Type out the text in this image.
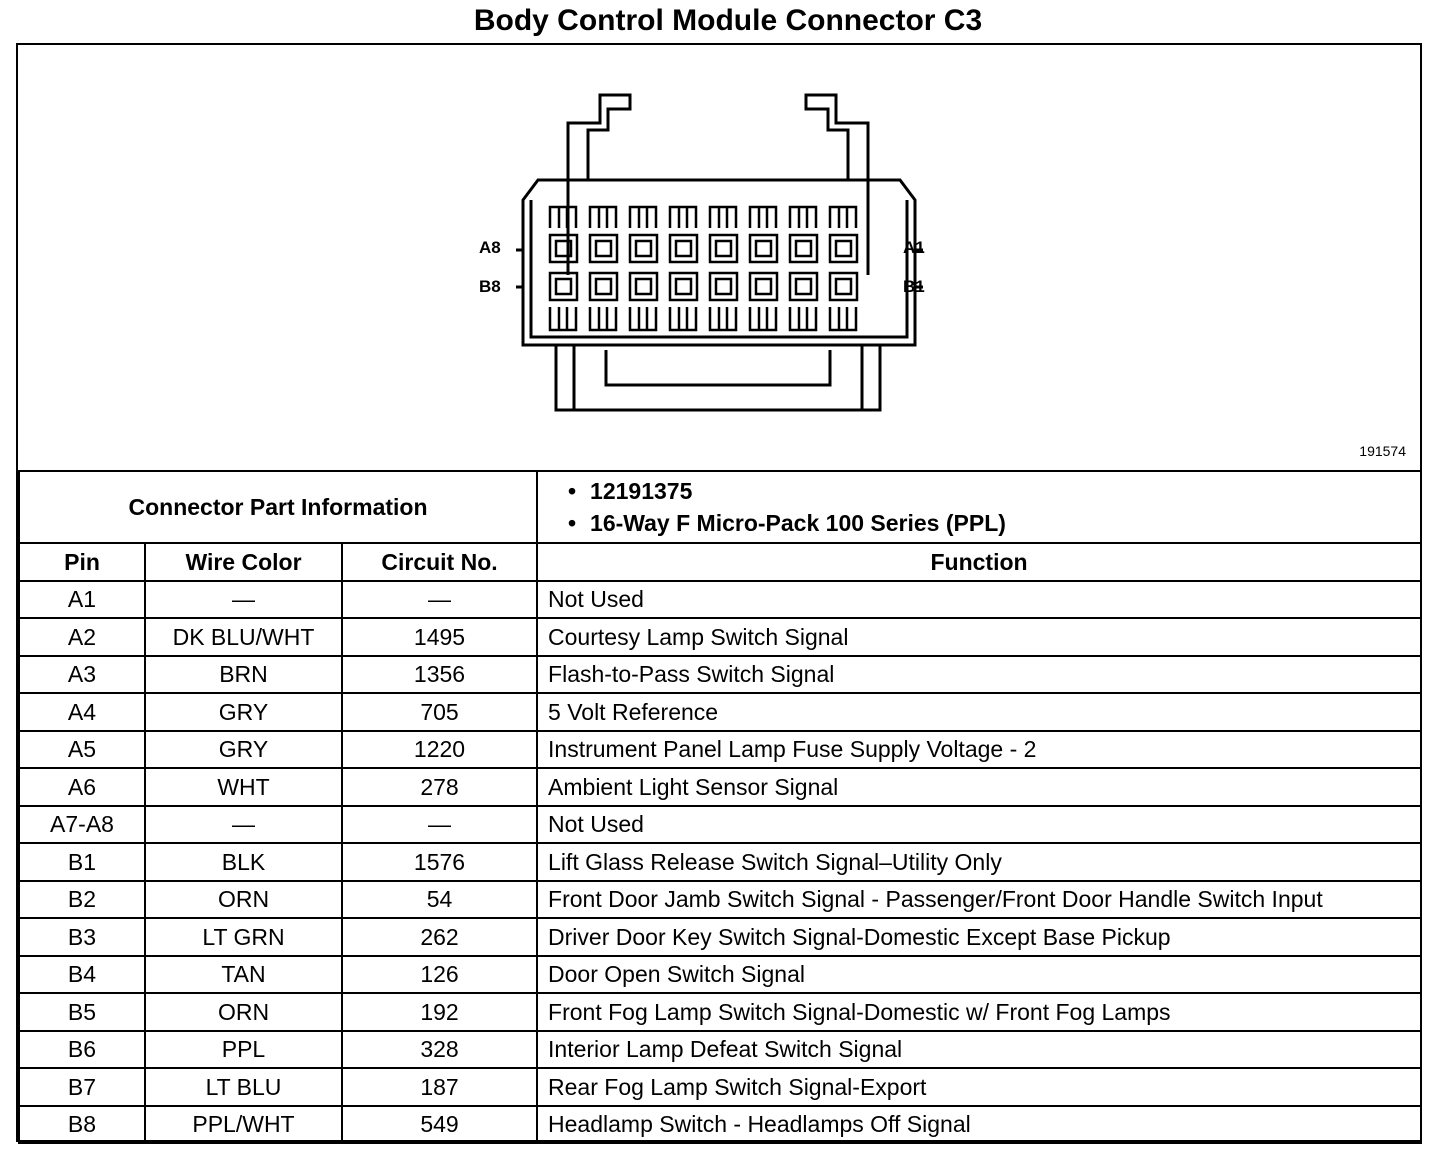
Body Control Module Connector C3
A8
B8
A1
B1
191574
Connector Part Information			• 12191375
• 16-Way F Micro-Pack 100 Series (PPL)

Pin	Wire Color	Circuit No.	Function
A1	—	—	Not Used
A2	DK BLU/WHT	1495	Courtesy Lamp Switch Signal
A3	BRN	1356	Flash-to-Pass Switch Signal
A4	GRY	705	5 Volt Reference
A5	GRY	1220	Instrument Panel Lamp Fuse Supply Voltage - 2
A6	WHT	278	Ambient Light Sensor Signal
A7-A8	—	—	Not Used
B1	BLK	1576	Lift Glass Release Switch Signal–Utility Only
B2	ORN	54	Front Door Jamb Switch Signal - Passenger/Front Door Handle Switch Input
B3	LT GRN	262	Driver Door Key Switch Signal-Domestic Except Base Pickup
B4	TAN	126	Door Open Switch Signal
B5	ORN	192	Front Fog Lamp Switch Signal-Domestic w/ Front Fog Lamps
B6	PPL	328	Interior Lamp Defeat Switch Signal
B7	LT BLU	187	Rear Fog Lamp Switch Signal-Export
B8	PPL/WHT	549	Headlamp Switch - Headlamps Off Signal
